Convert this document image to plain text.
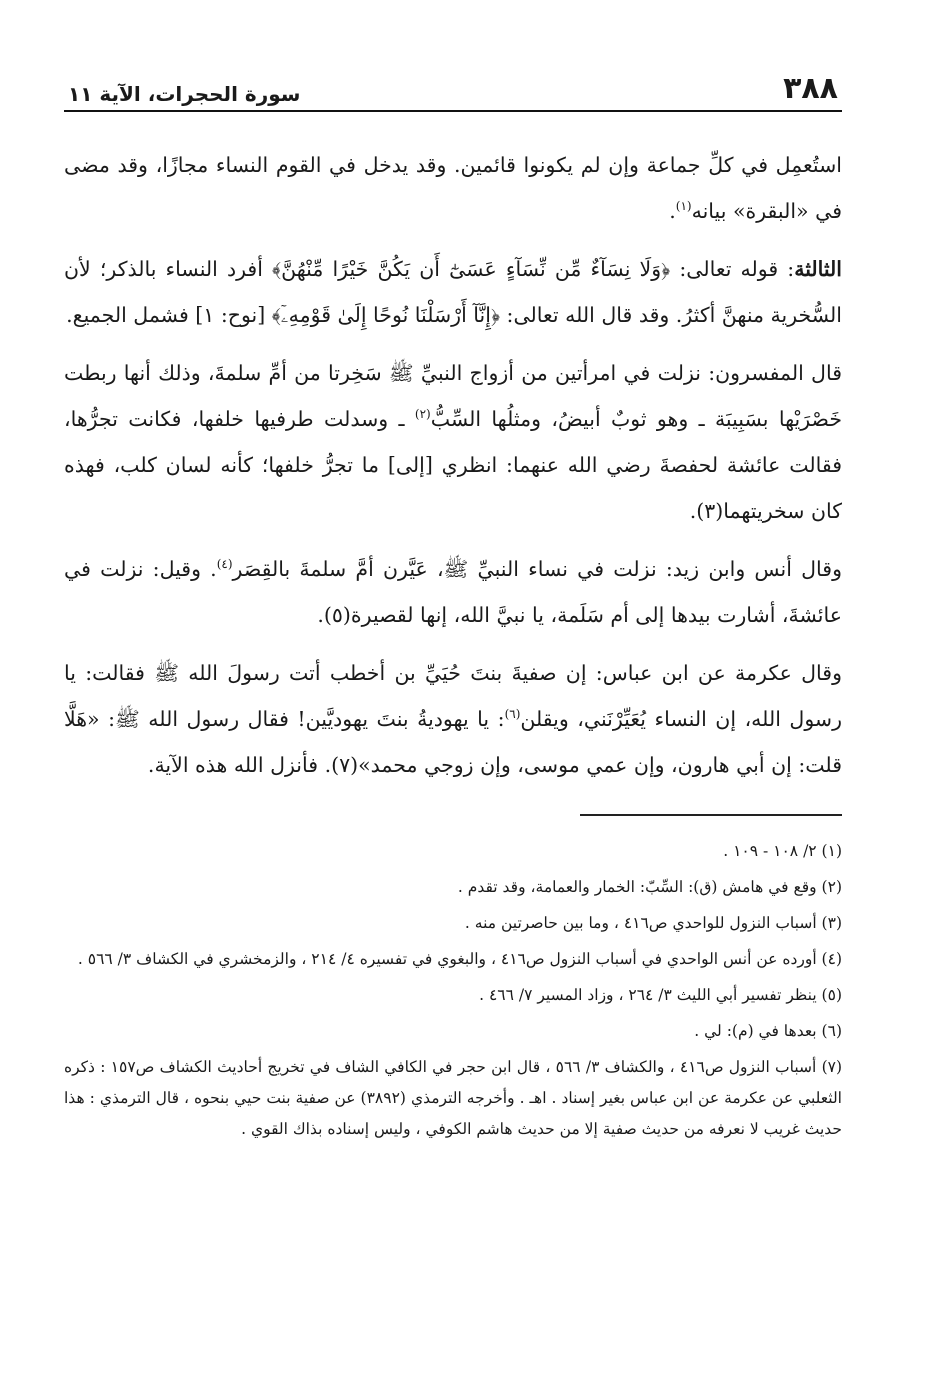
٣٨٨
سورة الحجرات، الآية ١١

استُعمِل في كلِّ جماعة وإن لم يكونوا قائمين. وقد يدخل في القوم النساء مجازًا، وقد مضى في «البقرة» بيانه$^{(١)}$.

الثالثة: قوله تعالى: ﴿وَلَا نِسَآءٌ مِّن نِّسَآءٍ عَسَىٰٓ أَن يَكُنَّ خَيْرًا مِّنْهُنَّ﴾ أفرد النساء بالذكر؛ لأن السُّخرية منهنَّ أكثرُ. وقد قال الله تعالى: ﴿إِنَّآ أَرْسَلْنَا نُوحًا إِلَىٰ قَوْمِهِۦٓ﴾ [نوح: ١] فشمل الجميع.

قال المفسرون: نزلت في امرأتين من أزواج النبيِّ ﷺ سَخِرتا من أمِّ سلمةَ، وذلك أنها ربطت خَصْرَيْها بسَبِيبَة ـ وهو ثوبٌ أبيضُ، ومثلُها السِّبُّ$^{(٢)}$ ـ وسدلت طرفيها خلفها، فكانت تجرُّها، فقالت عائشة لحفصةَ رضي الله عنهما: انظري [إلى] ما تجرُّ خلفها؛ كأنه لسان كلب، فهذه كان سخريتهما(٣).

وقال أنس وابن زيد: نزلت في نساء النبيِّ ﷺ، عَيَّرن أمَّ سلمةَ بالقِصَر$^{(٤)}$. وقيل: نزلت في عائشةَ، أشارت بيدها إلى أم سَلَمة، يا نبيَّ الله، إنها لقصيرة(٥).

وقال عكرمة عن ابن عباس: إن صفيةَ بنتَ حُيَيِّ بن أخطب أتت رسولَ الله ﷺ فقالت: يا رسول الله، إن النساء يُعَيِّرْنَني، ويقلن$^{(٦)}$: يا يهوديةُ بنتَ يهوديَّين! فقال رسول الله ﷺ: «هَلَّا قلت: إن أبي هارون، وإن عمي موسى، وإن زوجي محمد»(٧). فأنزل الله هذه الآية.

(١) ٢/ ١٠٨ - ١٠٩ .

(٢) وقع في هامش (ق): السِّبّ: الخمار والعمامة، وقد تقدم .

(٣) أسباب النزول للواحدي ص٤١٦ ، وما بين حاصرتين منه .

(٤) أورده عن أنس الواحدي في أسباب النزول ص٤١٦ ، والبغوي في تفسيره ٤/ ٢١٤ ، والزمخشري في الكشاف ٣/ ٥٦٦ .

(٥) ينظر تفسير أبي الليث ٣/ ٢٦٤ ، وزاد المسير ٧/ ٤٦٦ .

(٦) بعدها في (م): لي .

(٧) أسباب النزول ص٤١٦ ، والكشاف ٣/ ٥٦٦ ، قال ابن حجر في الكافي الشاف في تخريج أحاديث الكشاف ص١٥٧ : ذكره الثعلبي عن عكرمة عن ابن عباس بغير إسناد . اهـ . وأخرجه الترمذي (٣٨٩٢) عن صفية بنت حيي بنحوه ، قال الترمذي : هذا حديث غريب لا نعرفه من حديث صفية إلا من حديث هاشم الكوفي ، وليس إسناده بذاك القوي .
